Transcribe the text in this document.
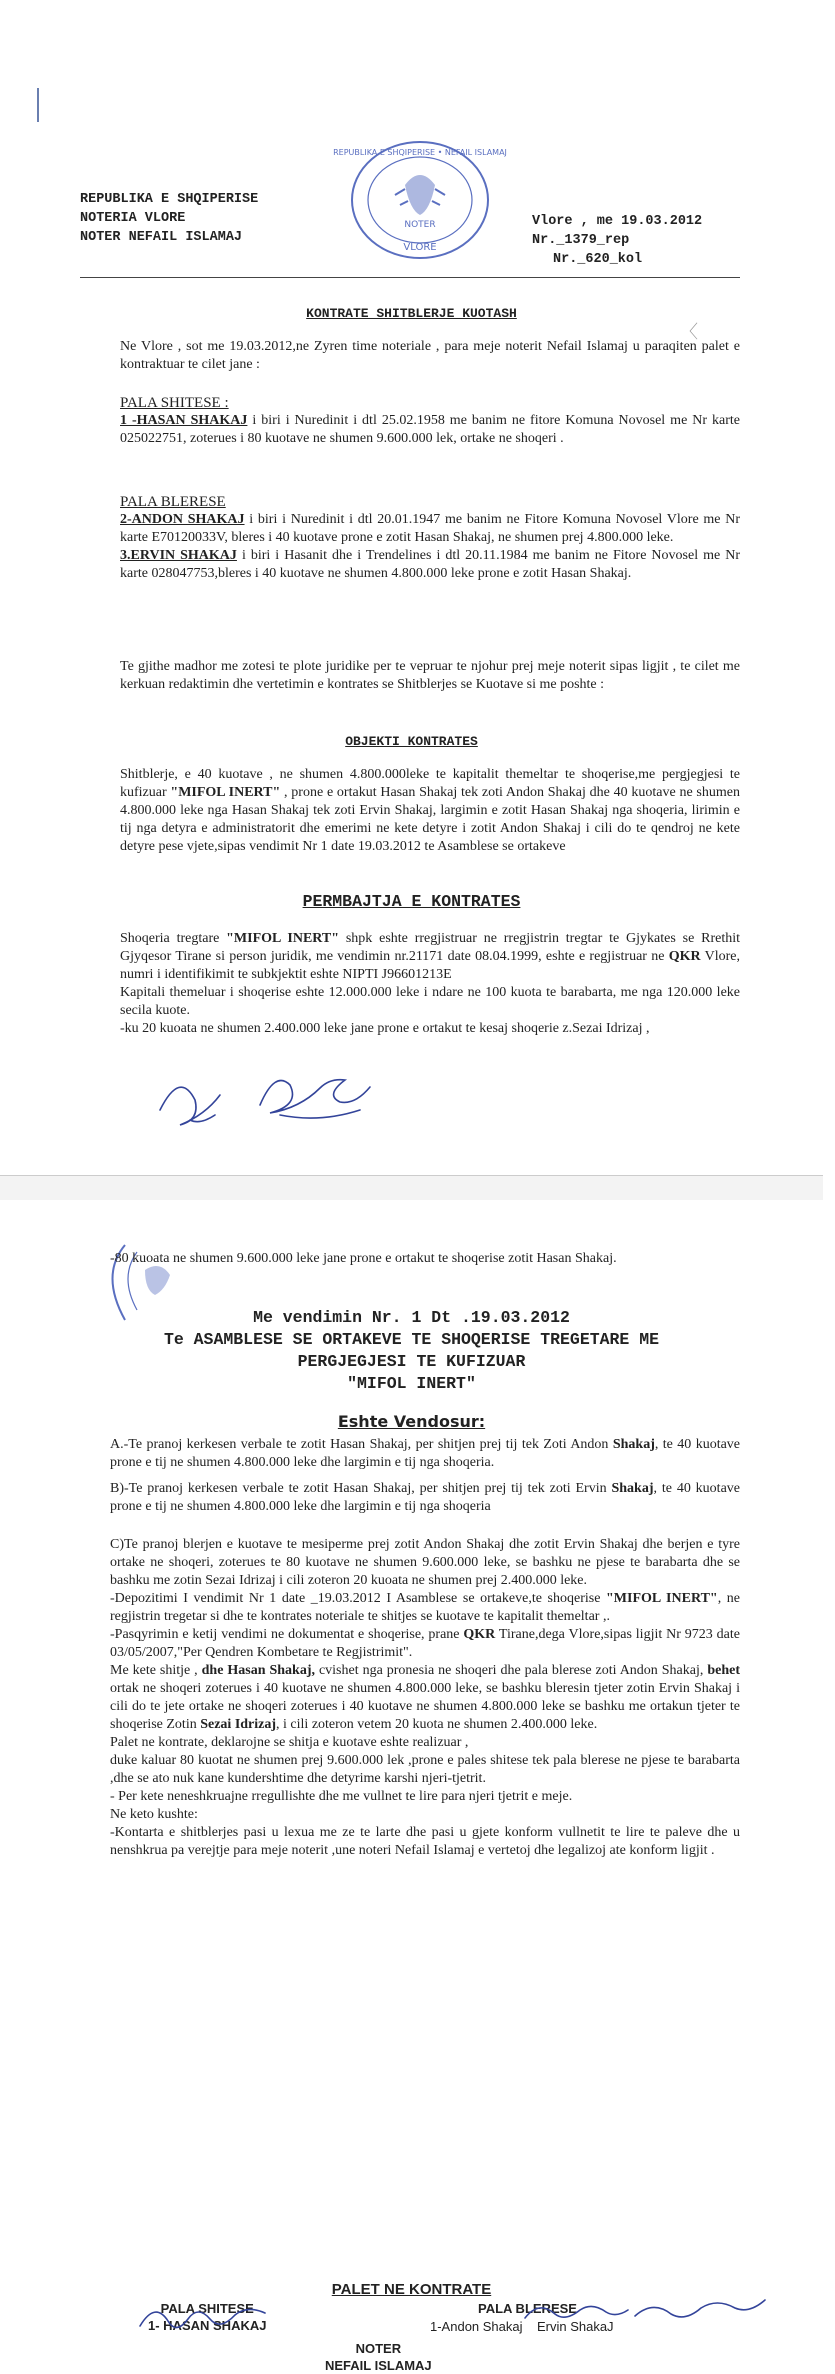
REPUBLIKA E SHQIPERISE • NEFAIL ISLAMAJ
NOTER
VLORE
REPUBLIKA E SHQIPERISE
NOTERIA VLORE
NOTER NEFAIL ISLAMAJ
Vlore , me 19.03.2012
Nr._1379_rep
Nr._620_kol
KONTRATE SHITBLERJE KUOTASH
〈
Ne Vlore , sot me 19.03.2012,ne Zyren time noteriale , para meje noterit Nefail Islamaj u paraqiten palet e kontraktuar te cilet jane :
PALA SHITESE :
1 -HASAN SHAKAJ i biri i Nuredinit i dtl 25.02.1958 me banim ne fitore Komuna Novosel me Nr karte 025022751, zoterues i 80 kuotave ne shumen 9.600.000 lek, ortake ne shoqeri .
PALA BLERESE
2-ANDON SHAKAJ i biri i Nuredinit i dtl 20.01.1947 me banim ne Fitore Komuna Novosel Vlore me Nr karte E70120033V, bleres i 40 kuotave prone e zotit Hasan Shakaj, ne shumen prej 4.800.000 leke.
3.ERVIN SHAKAJ i biri i Hasanit dhe i Trendelines i dtl 20.11.1984 me banim ne Fitore Novosel me Nr karte 028047753,bleres i 40 kuotave ne shumen 4.800.000 leke prone e zotit Hasan Shakaj.
Te gjithe madhor me zotesi te plote juridike per te vepruar te njohur prej meje noterit sipas ligjit , te cilet me kerkuan redaktimin dhe vertetimin e kontrates se Shitblerjes se Kuotave si me poshte :
OBJEKTI KONTRATES
Shitblerje, e 40 kuotave , ne shumen 4.800.000leke te kapitalit themeltar te shoqerise,me pergjegjesi te kufizuar "MIFOL INERT" , prone e ortakut Hasan Shakaj tek zoti Andon Shakaj dhe 40 kuotave ne shumen 4.800.000 leke nga Hasan Shakaj tek zoti Ervin Shakaj, largimin e zotit Hasan Shakaj nga shoqeria, lirimin e tij nga detyra e administratorit dhe emerimi ne kete detyre i zotit Andon Shakaj i cili do te qendroj ne kete detyre pese vjete,sipas vendimit Nr 1 date 19.03.2012 te Asamblese se ortakeve
PERMBAJTJA E KONTRATES
Shoqeria tregtare "MIFOL INERT" shpk eshte rregjistruar ne rregjistrin tregtar te Gjykates se Rrethit Gjyqesor Tirane si person juridik, me vendimin nr.21171 date 08.04.1999, eshte e regjistruar ne QKR Vlore, numri i identifikimit te subkjektit eshte NIPTI J96601213E
Kapitali themeluar i shoqerise eshte 12.000.000 leke i ndare ne 100 kuota te barabarta, me nga 120.000 leke secila kuote.
-ku 20 kuoata ne shumen 2.400.000 leke jane prone e ortakut te kesaj shoqerie z.Sezai Idrizaj ,
-80 kuoata ne shumen 9.600.000 leke jane prone e ortakut te shoqerise zotit Hasan Shakaj.
Me vendimin Nr. 1 Dt .19.03.2012
Te ASAMBLESE SE ORTAKEVE TE SHOQERISE TREGETARE ME
PERGJEGJESI TE KUFIZUAR
"MIFOL INERT"
Eshte Vendosur:
A.-Te pranoj kerkesen verbale te zotit Hasan Shakaj, per shitjen prej tij tek Zoti Andon Shakaj, te 40 kuotave prone e tij ne shumen 4.800.000 leke dhe largimin e tij nga shoqeria.
B)-Te pranoj kerkesen verbale te zotit Hasan Shakaj, per shitjen prej tij tek zoti Ervin Shakaj, te 40 kuotave prone e tij ne shumen 4.800.000 leke dhe largimin e tij nga shoqeria
C)Te pranoj blerjen e kuotave te mesiperme prej zotit Andon Shakaj dhe zotit Ervin Shakaj dhe berjen e tyre ortake ne shoqeri, zoterues te 80 kuotave ne shumen 9.600.000 leke, se bashku ne pjese te barabarta dhe se bashku me zotin Sezai Idrizaj i cili zoteron 20 kuoata ne shumen prej 2.400.000 leke.
-Depozitimi I vendimit Nr 1 date _19.03.2012 I Asamblese se ortakeve,te shoqerise "MIFOL INERT", ne regjistrin tregetar si dhe te kontrates noteriale te shitjes se kuotave te kapitalit themeltar ,.
-Pasqyrimin e ketij vendimi ne dokumentat e shoqerise, prane QKR Tirane,dega Vlore,sipas ligjit Nr 9723 date 03/05/2007,"Per Qendren Kombetare te Regjistrimit".
Me kete shitje , dhe Hasan Shakaj, cvishet nga pronesia ne shoqeri dhe pala bleresе zoti Andon Shakaj, behet ortak ne shoqeri zoterues i 40 kuotave ne shumen 4.800.000 leke, se bashku bleresin tjeter zotin Ervin Shakaj i cili do te jete ortake ne shoqeri zoterues i 40 kuotave ne shumen 4.800.000 leke se bashku me ortakun tjeter te shoqerise Zotin Sezai Idrizaj, i cili zoteron vetem 20 kuota ne shumen 2.400.000 leke.
Palet ne kontrate, deklarojne se shitja e kuotave eshte realizuar ,
duke kaluar 80 kuotat ne shumen prej 9.600.000 lek ,prone e pales shitese tek pala bleresе ne pjese te barabarta ,dhe se ato nuk kane kundershtime dhe detyrime karshi njeri-tjetrit.
- Per kete neneshkruajne rregullishte dhe me vullnet te lire para njeri tjetrit e meje.
Ne keto kushte:
-Kontarta e shitblerjes pasi u lexua me ze te larte dhe pasi u gjete konform vullnetit te lire te paleve dhe u nenshkrua pa verejtje para meje noterit ,une noteri Nefail Islamaj e vertetoj dhe legalizoj ate konform ligjit .
PALET NE KONTRATE
PALA SHITESE
1- HASAN SHAKAJ
PALA BLERESE
1-Andon Shakaj    Ervin ShakaJ
NOTER
NEFAIL ISLAMAJ
